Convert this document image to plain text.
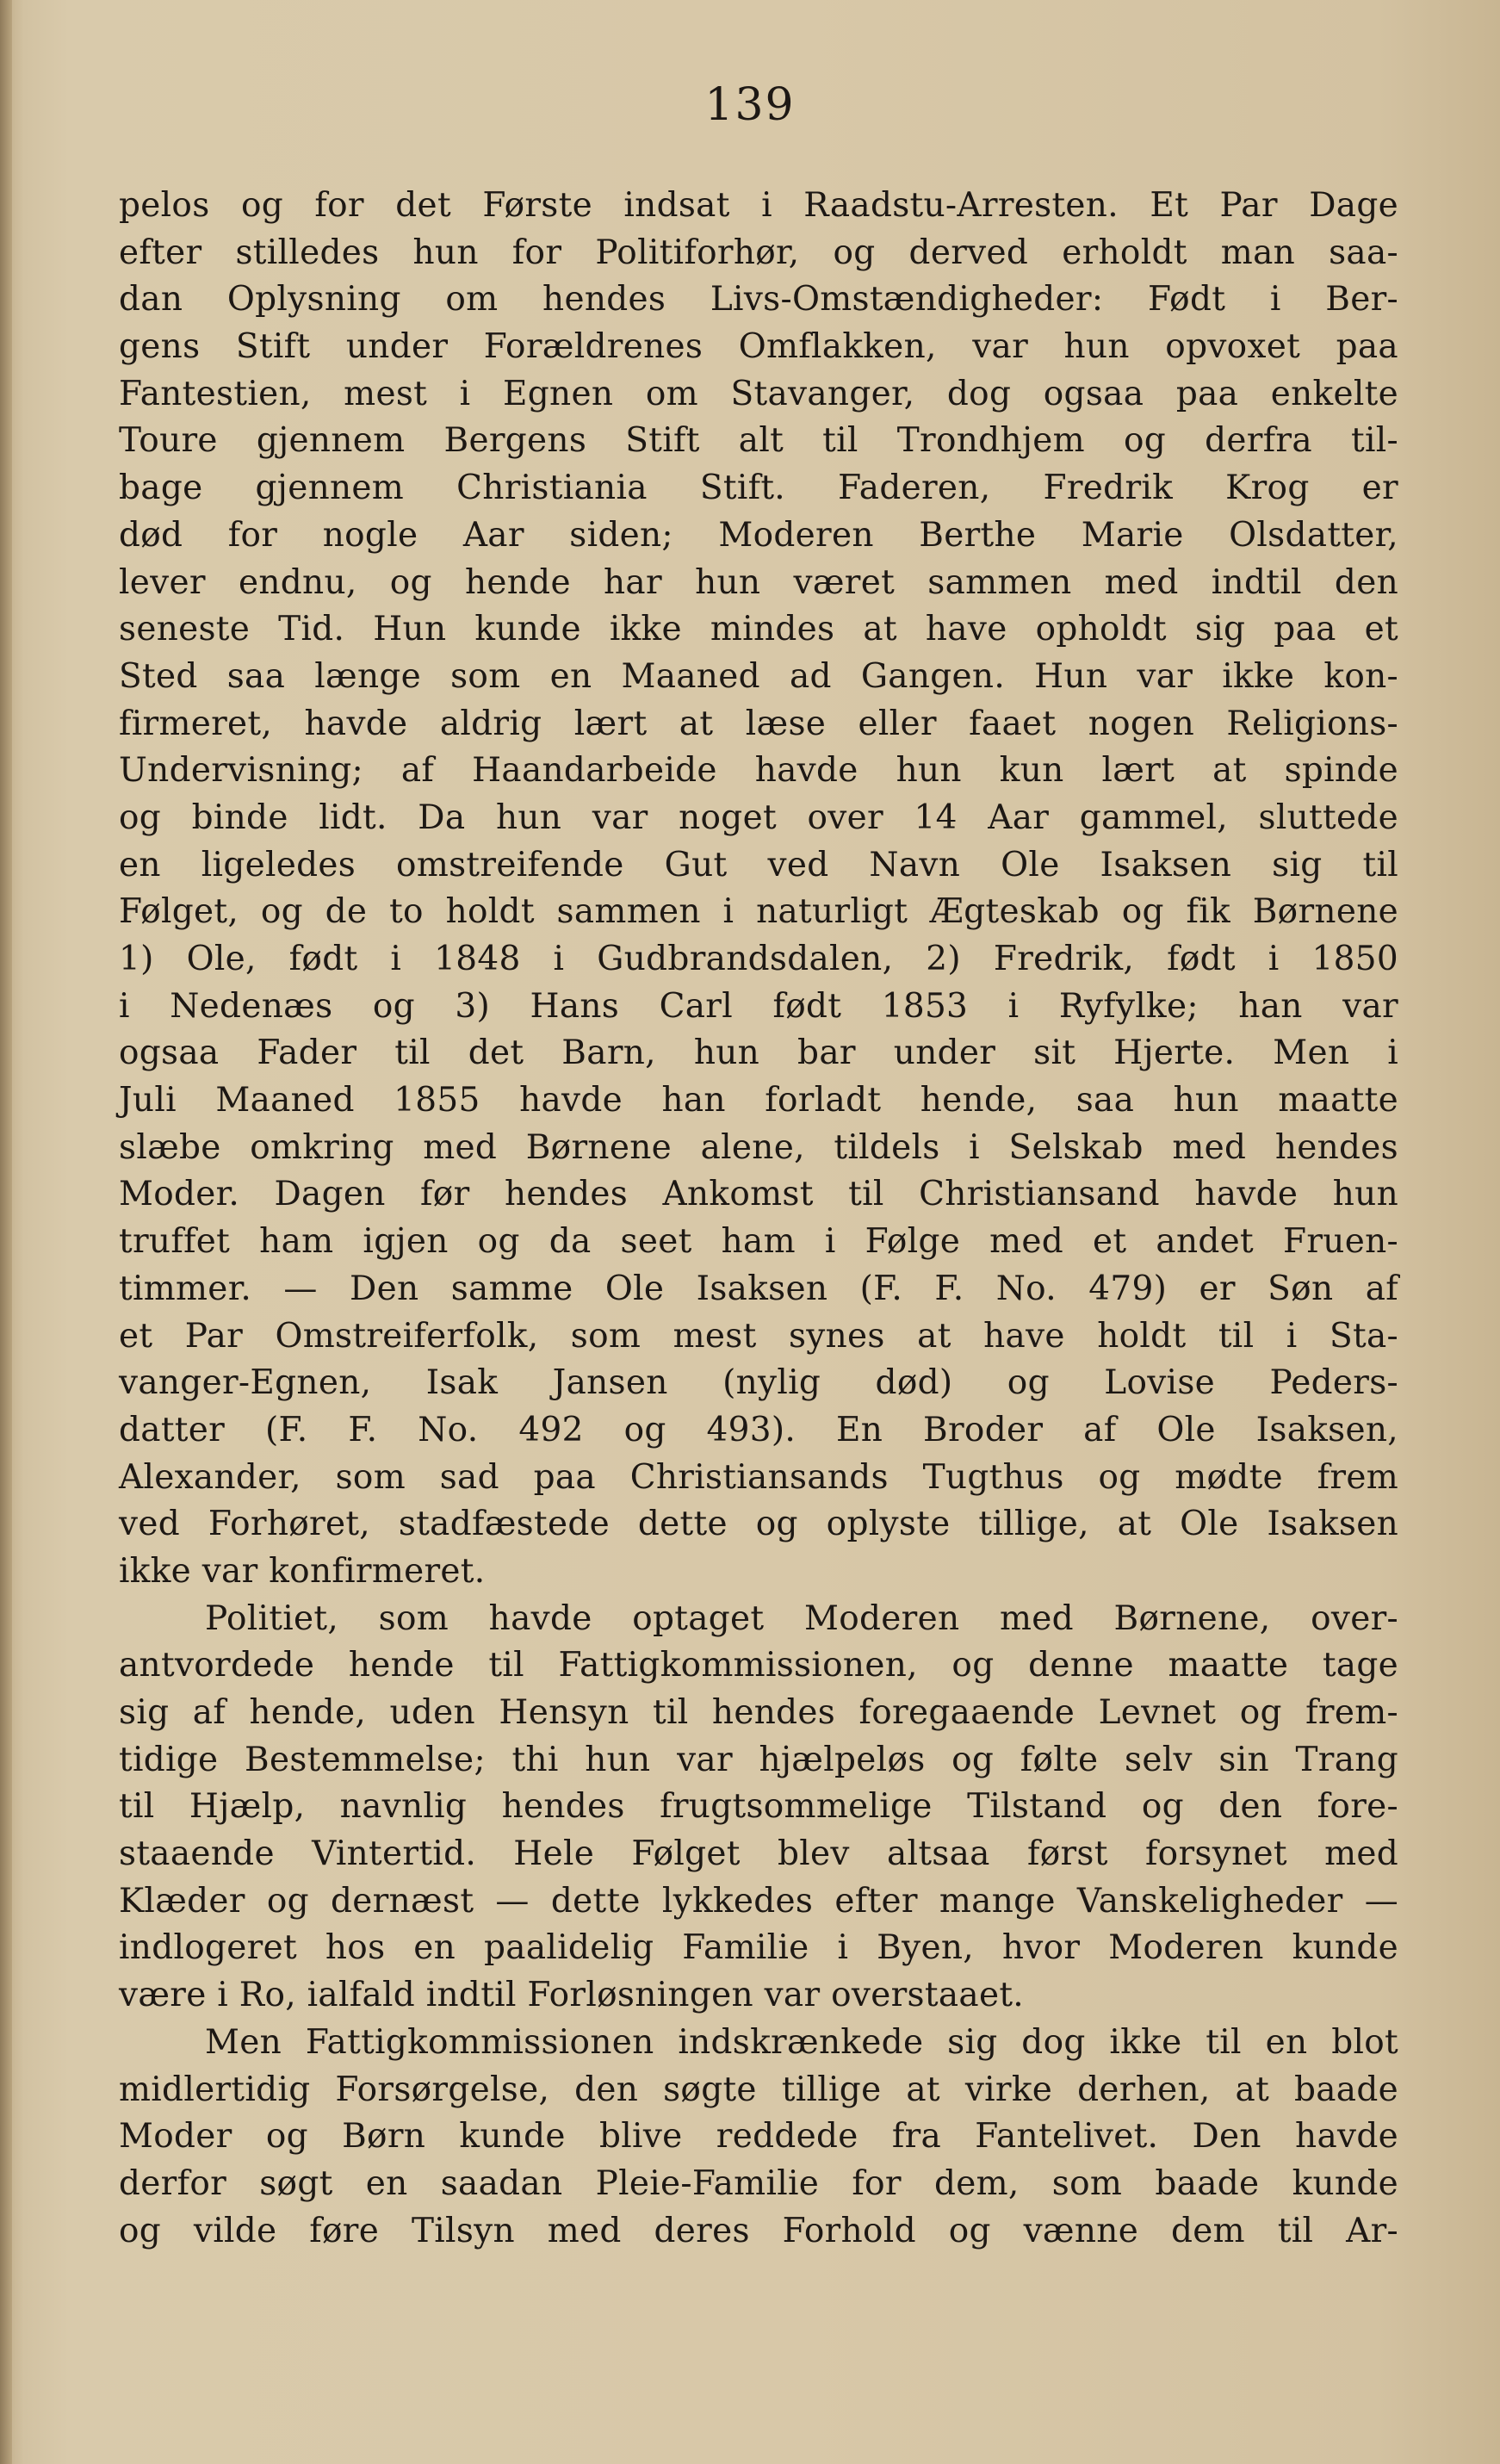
139
pelos og for det Første indsat i Raadstu-Arresten. Et Par Dage
efter stilledes hun for Politiforhør, og derved erholdt man saa-
dan Oplysning om hendes Livs-Omstændigheder: Født i Ber-
gens Stift under Forældrenes Omflakken, var hun opvoxet paa
Fantestien, mest i Egnen om Stavanger, dog ogsaa paa enkelte
Toure gjennem Bergens Stift alt til Trondhjem og derfra til-
bage gjennem Christiania Stift. Faderen, Fredrik Krog er
død for nogle Aar siden; Moderen Berthe Marie Olsdatter,
lever endnu, og hende har hun været sammen med indtil den
seneste Tid. Hun kunde ikke mindes at have opholdt sig paa et
Sted saa længe som en Maaned ad Gangen. Hun var ikke kon-
firmeret, havde aldrig lært at læse eller faaet nogen Religions-
Undervisning; af Haandarbeide havde hun kun lært at spinde
og binde lidt. Da hun var noget over 14 Aar gammel, sluttede
en ligeledes omstreifende Gut ved Navn Ole Isaksen sig til
Følget, og de to holdt sammen i naturligt Ægteskab og fik Børnene
1) Ole, født i 1848 i Gudbrandsdalen, 2) Fredrik, født i 1850
i Nedenæs og 3) Hans Carl født 1853 i Ryfylke; han var
ogsaa Fader til det Barn, hun bar under sit Hjerte. Men i
Juli Maaned 1855 havde han forladt hende, saa hun maatte
slæbe omkring med Børnene alene, tildels i Selskab med hendes
Moder. Dagen før hendes Ankomst til Christiansand havde hun
truffet ham igjen og da seet ham i Følge med et andet Fruen-
timmer. — Den samme Ole Isaksen (F. F. No. 479) er Søn af
et Par Omstreiferfolk, som mest synes at have holdt til i Sta-
vanger-Egnen, Isak Jansen (nylig død) og Lovise Peders-
datter (F. F. No. 492 og 493). En Broder af Ole Isaksen,
Alexander, som sad paa Christiansands Tugthus og mødte frem
ved Forhøret, stadfæstede dette og oplyste tillige, at Ole Isaksen
ikke var konfirmeret.
Politiet, som havde optaget Moderen med Børnene, over-
antvordede hende til Fattigkommissionen, og denne maatte tage
sig af hende, uden Hensyn til hendes foregaaende Levnet og frem-
tidige Bestemmelse; thi hun var hjælpeløs og følte selv sin Trang
til Hjælp, navnlig hendes frugtsommelige Tilstand og den fore-
staaende Vintertid. Hele Følget blev altsaa først forsynet med
Klæder og dernæst — dette lykkedes efter mange Vanskeligheder —
indlogeret hos en paalidelig Familie i Byen, hvor Moderen kunde
være i Ro, ialfald indtil Forløsningen var overstaaet.
Men Fattigkommissionen indskrænkede sig dog ikke til en blot
midlertidig Forsørgelse, den søgte tillige at virke derhen, at baade
Moder og Børn kunde blive reddede fra Fantelivet. Den havde
derfor søgt en saadan Pleie-Familie for dem, som baade kunde
og vilde føre Tilsyn med deres Forhold og vænne dem til Ar-
